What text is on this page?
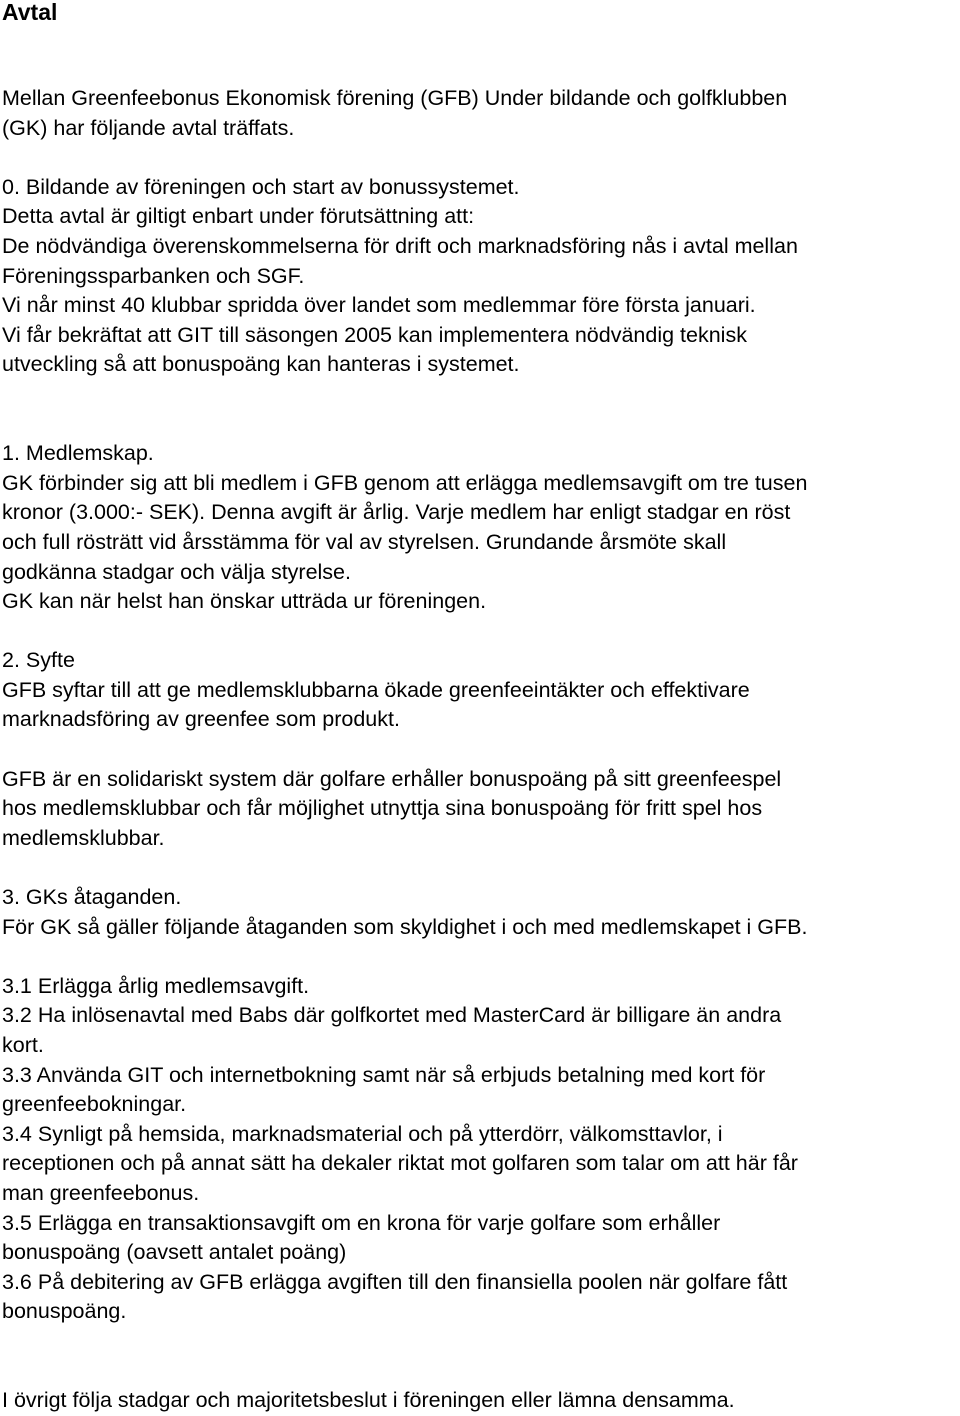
Avtal
Mellan Greenfeebonus Ekonomisk förening (GFB) Under bildande och golfklubben
(GK) har följande avtal träffats.
0. Bildande av föreningen och start av bonussystemet.
Detta avtal är giltigt enbart under förutsättning att:
De nödvändiga överenskommelserna för drift och marknadsföring nås i avtal mellan
Föreningssparbanken och SGF.
Vi når minst 40 klubbar spridda över landet som medlemmar före första januari.
Vi får bekräftat att GIT till säsongen 2005 kan implementera nödvändig teknisk
utveckling så att bonuspoäng kan hanteras i systemet.
1. Medlemskap.
GK förbinder sig att bli medlem i GFB genom att erlägga medlemsavgift om tre tusen
kronor (3.000:- SEK). Denna avgift är årlig. Varje medlem har enligt stadgar en röst
och full rösträtt vid årsstämma för val av styrelsen. Grundande årsmöte skall
godkänna stadgar och välja styrelse.
GK kan när helst han önskar utträda ur föreningen.
2. Syfte
GFB syftar till att ge medlemsklubbarna ökade greenfeeintäkter och effektivare
marknadsföring av greenfee som produkt.
GFB är en solidariskt system där golfare erhåller bonuspoäng på sitt greenfeespel
hos medlemsklubbar och får möjlighet utnyttja sina bonuspoäng för fritt spel hos
medlemsklubbar.
3. GKs åtaganden.
För GK så gäller följande åtaganden som skyldighet i och med medlemskapet i GFB.
3.1 Erlägga årlig medlemsavgift.
3.2 Ha inlösenavtal med Babs där golfkortet med MasterCard är billigare än andra
kort.
3.3 Använda GIT och internetbokning samt när så erbjuds betalning med kort för
greenfeebokningar.
3.4 Synligt på hemsida, marknadsmaterial och på ytterdörr, välkomsttavlor, i
receptionen och på annat sätt ha dekaler riktat mot golfaren som talar om att här får
man greenfeebonus.
3.5 Erlägga en transaktionsavgift om en krona för varje golfare som erhåller
bonuspoäng (oavsett antalet poäng)
3.6 På debitering av GFB erlägga avgiften till den finansiella poolen när golfare fått
bonuspoäng.
I övrigt följa stadgar och majoritetsbeslut i föreningen eller lämna densamma.
